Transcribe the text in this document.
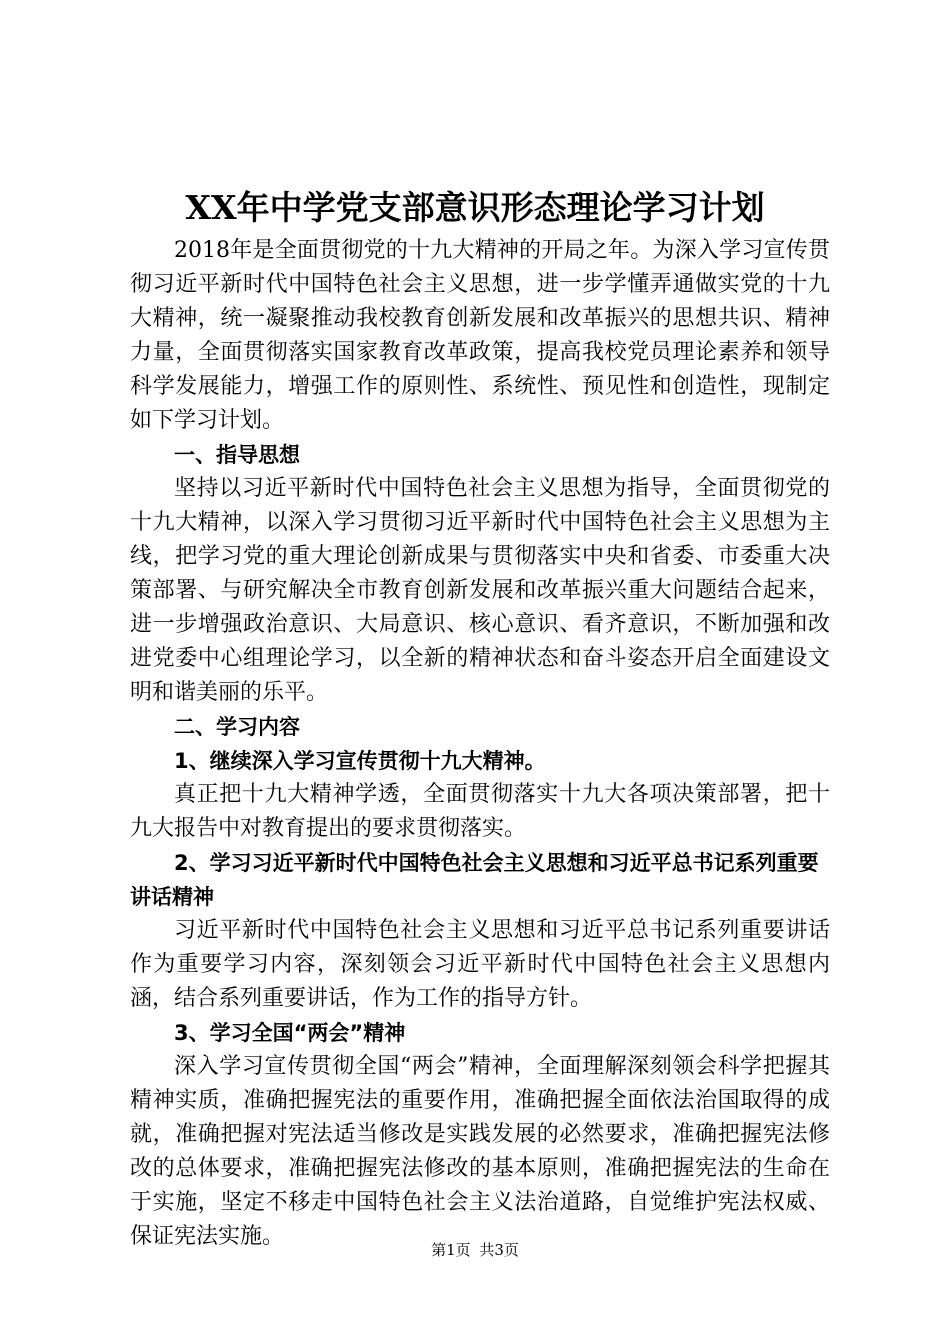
XX年中学党支部意识形态理论学习计划

2018年是全面贯彻党的十九大精神的开局之年。为深入学习宣传贯彻习近平新时代中国特色社会主义思想，进一步学懂弄通做实党的十九大精神，统一凝聚推动我校教育创新发展和改革振兴的思想共识、精神力量，全面贯彻落实国家教育改革政策，提高我校党员理论素养和领导科学发展能力，增强工作的原则性、系统性、预见性和创造性，现制定如下学习计划。

一、指导思想

坚持以习近平新时代中国特色社会主义思想为指导，全面贯彻党的十九大精神，以深入学习贯彻习近平新时代中国特色社会主义思想为主线，把学习党的重大理论创新成果与贯彻落实中央和省委、市委重大决策部署、与研究解决全市教育创新发展和改革振兴重大问题结合起来，进一步增强政治意识、大局意识、核心意识、看齐意识，不断加强和改进党委中心组理论学习，以全新的精神状态和奋斗姿态开启全面建设文明和谐美丽的乐平。

二、学习内容

1、继续深入学习宣传贯彻十九大精神。

真正把十九大精神学透，全面贯彻落实十九大各项决策部署，把十九大报告中对教育提出的要求贯彻落实。

2、学习习近平新时代中国特色社会主义思想和习近平总书记系列重要讲话精神

习近平新时代中国特色社会主义思想和习近平总书记系列重要讲话作为重要学习内容，深刻领会习近平新时代中国特色社会主义思想内涵，结合系列重要讲话，作为工作的指导方针。

3、学习全国“两会”精神

深入学习宣传贯彻全国“两会”精神，全面理解深刻领会科学把握其精神实质，准确把握宪法的重要作用，准确把握全面依法治国取得的成就，准确把握对宪法适当修改是实践发展的必然要求，准确把握宪法修改的总体要求，准确把握宪法修改的基本原则，准确把握宪法的生命在于实施，坚定不移走中国特色社会主义法治道路，自觉维护宪法权威、保证宪法实施。

第1页 共3页
